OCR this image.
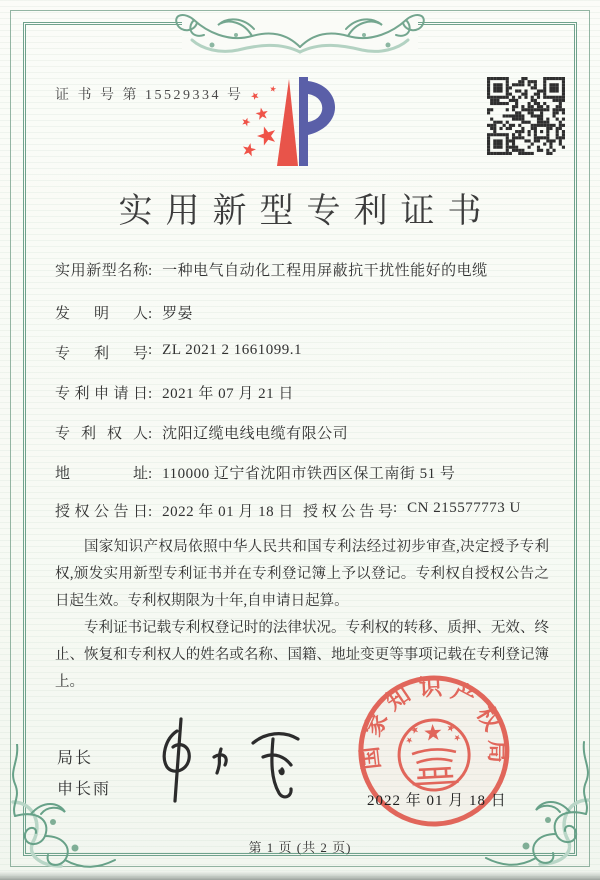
证 书 号 第 15529334 号
实用新型专利证书
实用新型名称: 一种电气自动化工程用屏蔽抗干扰性能好的电缆
发明人: 罗晏
专利号: ZL 2021 2 1661099.1
专利申请日: 2021 年 07 月 21 日
专利权人: 沈阳辽缆电线电缆有限公司
地址: 110000 辽宁省沈阳市铁西区保工南街 51 号
授权公告日: 2022 年 01 月 18 日 授权公告号: CN 215577773 U

国家知识产权局依照中华人民共和国专利法经过初步审查,决定授予专利权,颁发实用新型专利证书并在专利登记簿上予以登记。专利权自授权公告之日起生效。专利权期限为十年,自申请日起算。

专利证书记载专利权登记时的法律状况。专利权的转移、质押、无效、终止、恢复和专利权人的姓名或名称、国籍、地址变更等事项记载在专利登记簿上。

局长
申长雨
国家知识产权局
2022 年 01 月 18 日
第 1 页 (共 2 页)
